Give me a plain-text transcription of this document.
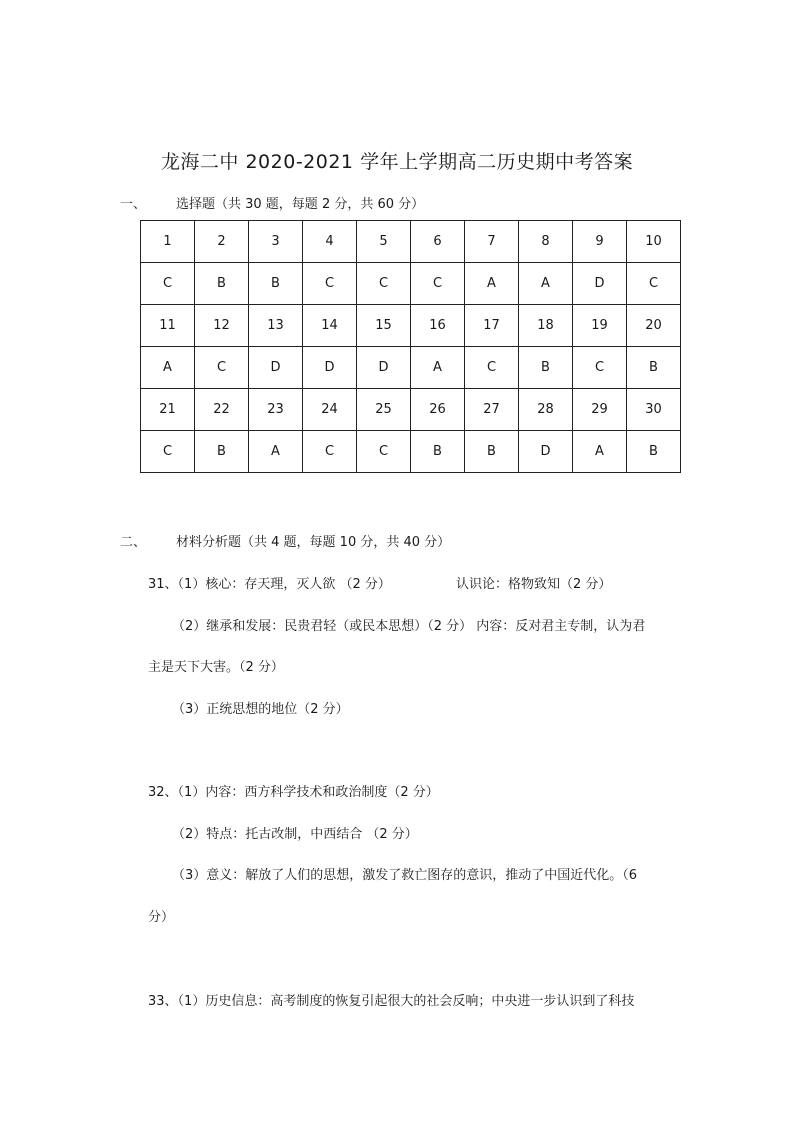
龙海二中 2020-2021 学年上学期高二历史期中考答案
一、 选择题（共 30 题，每题 2 分，共 60 分）
1	2	3	4	5	6	7	8	9	10
C	B	B	C	C	C	A	A	D	C
11	12	13	14	15	16	17	18	19	20
A	C	D	D	D	A	C	B	C	B
21	22	23	24	25	26	27	28	29	30
C	B	A	C	C	B	B	D	A	B
二、 材料分析题（共 4 题，每题 10 分，共 40 分）
31、（1）核心：存天理，灭人欲 （2 分）	认识论：格物致知（2 分）
（2）继承和发展：民贵君轻（或民本思想）（2 分） 内容：反对君主专制，认为君
主是天下大害。（2 分）
（3）正统思想的地位（2 分）
32、（1）内容：西方科学技术和政治制度（2 分）
（2）特点：托古改制，中西结合 （2 分）
（3）意义：解放了人们的思想，激发了救亡图存的意识，推动了中国近代化。（6
分）
33、（1）历史信息：高考制度的恢复引起很大的社会反响；中央进一步认识到了科技
